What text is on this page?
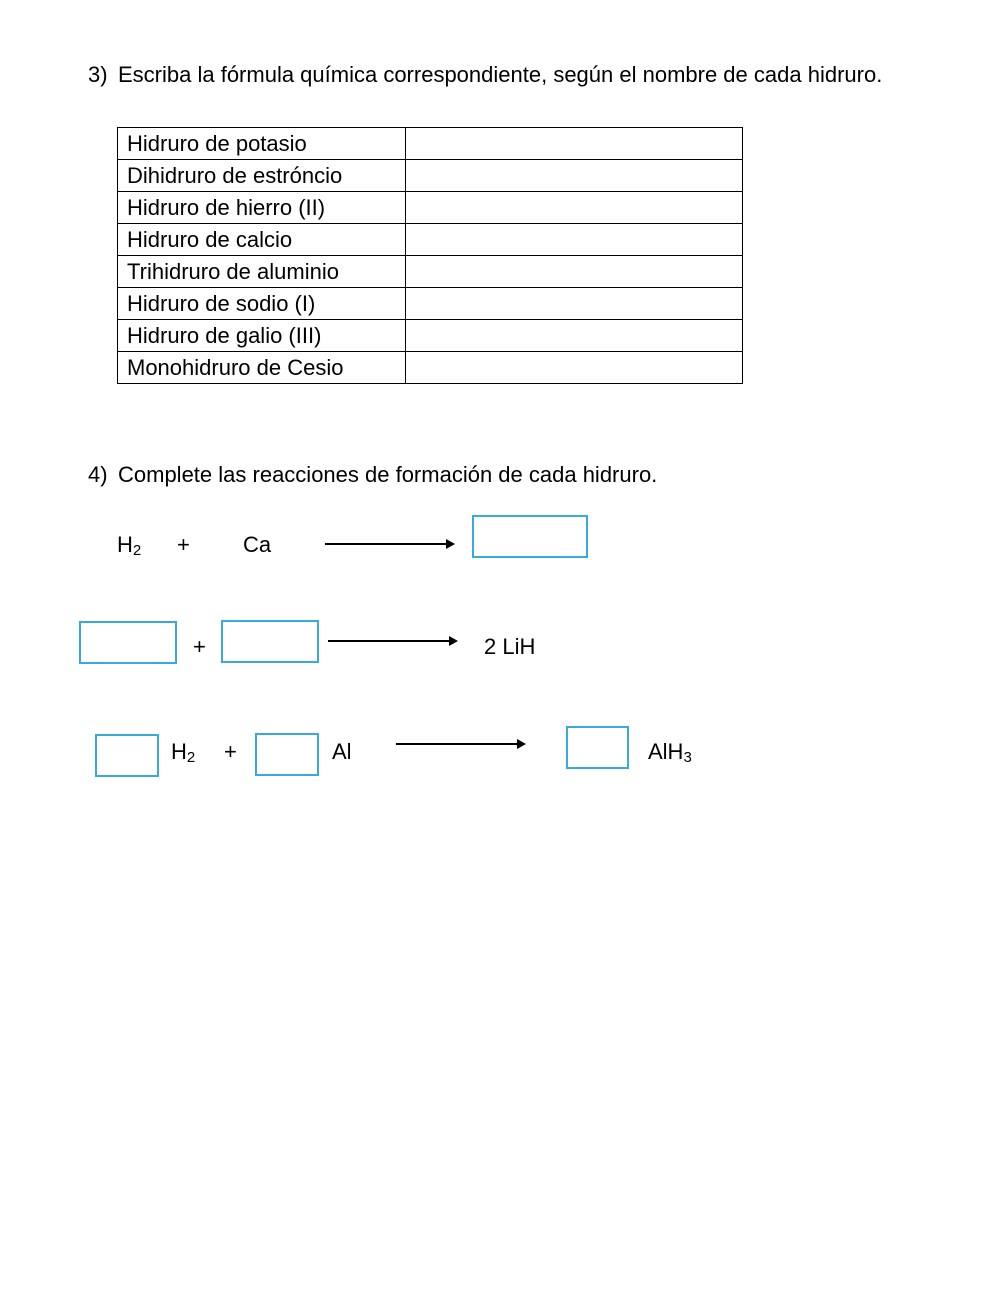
3) Escriba la fórmula química correspondiente, según el nombre de cada hidruro.
Hidruro de potasio	
Dihidruro de estróncio	
Hidruro de hierro (II)	
Hidruro de calcio	
Trihidruro de aluminio	
Hidruro de sodio (I)	
Hidruro de galio (III)	
Monohidruro de Cesio	
4) Complete las reacciones de formación de cada hidruro.
$H_2 + Ca$
+	2 LiH
$H_2$ +	Al	AlH$_3$
